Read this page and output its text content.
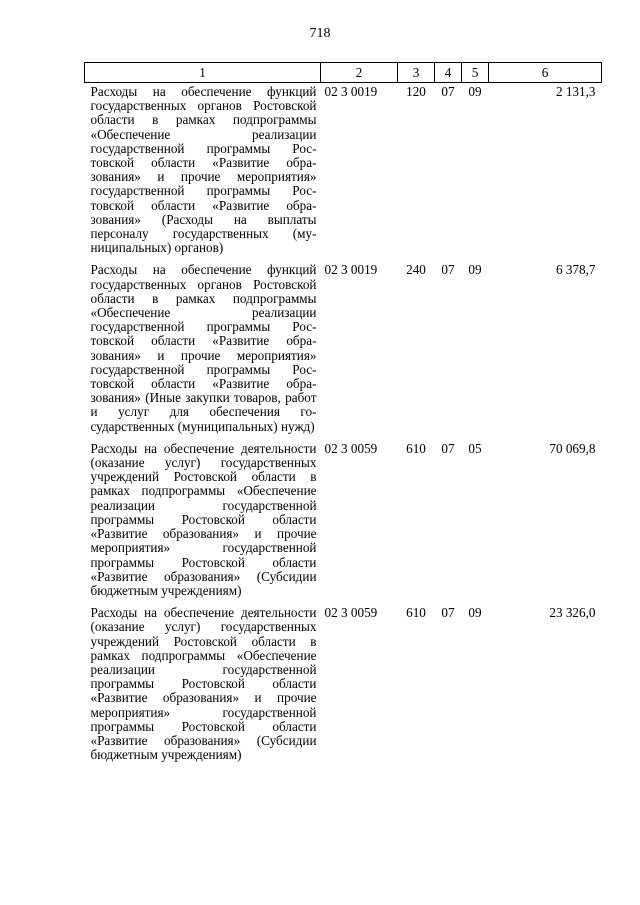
718
1	2	3	4	5	6
Расходы на обеспечение функций государственных органов Ростовской области в рамках подпрограммы «Обеспечение реализации государственной программы Ростовской области «Развитие образования» и прочие мероприятия» государственной программы Ростовской области «Развитие образования» (Расходы на выплаты персоналу государственных (муниципальных) органов)	02 3 0019	120	07	09	2 131,3
Расходы на обеспечение функций государственных органов Ростовской области в рамках подпрограммы «Обеспечение реализации государственной программы Ростовской области «Развитие образования» и прочие мероприятия» государственной программы Ростовской области «Развитие образования» (Иные закупки товаров, работ и услуг для обеспечения государственных (муниципальных) нужд)	02 3 0019	240	07	09	6 378,7
Расходы на обеспечение деятельности (оказание услуг) государственных учреждений Ростовской области в рамках подпрограммы «Обеспечение реализации государственной программы Ростовской области «Развитие образования» и прочие мероприятия» государственной программы Ростовской области «Развитие образования» (Субсидии бюджетным учреждениям)	02 3 0059	610	07	05	70 069,8
Расходы на обеспечение деятельности (оказание услуг) государственных учреждений Ростовской области в рамках подпрограммы «Обеспечение реализации государственной программы Ростовской области «Развитие образования» и прочие мероприятия» государственной программы Ростовской области «Развитие образования» (Субсидии бюджетным учреждениям)	02 3 0059	610	07	09	23 326,0
